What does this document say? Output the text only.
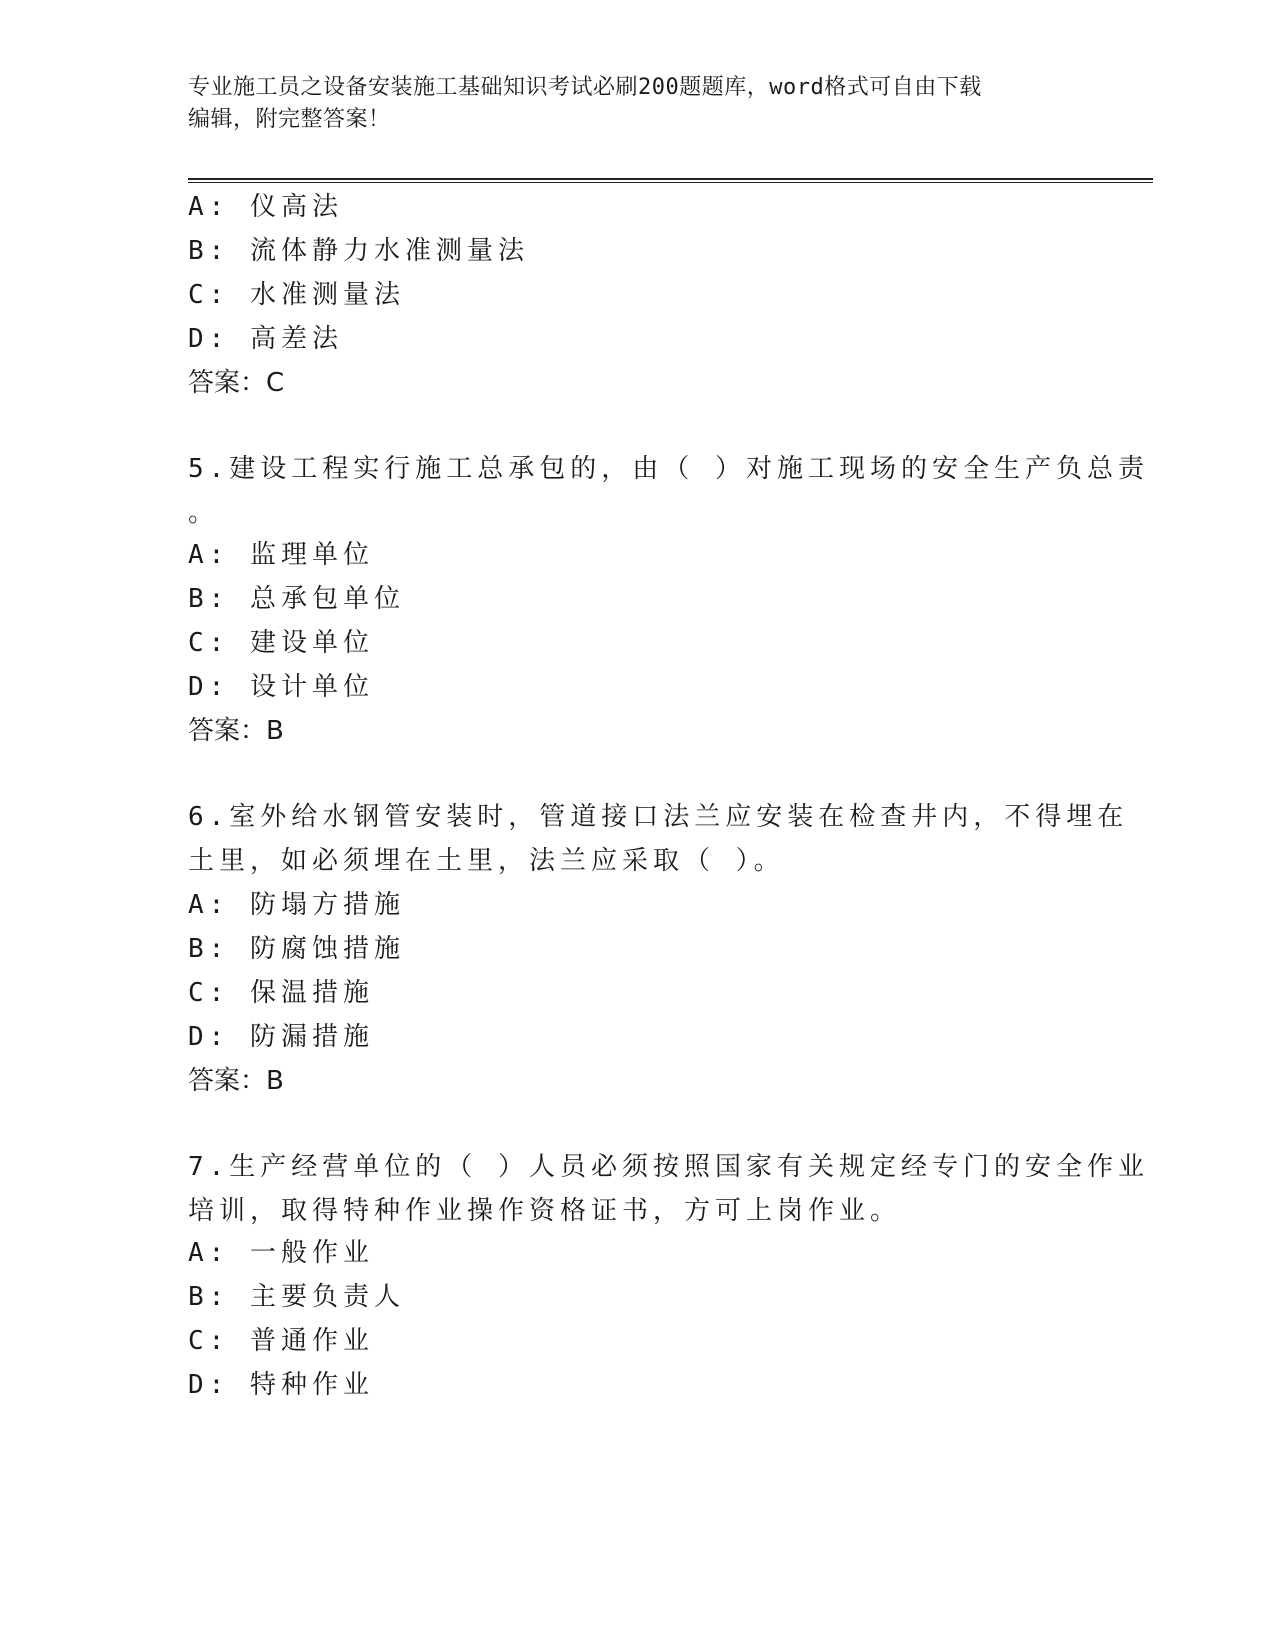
专业施工员之设备安装施工基础知识考试必刷200题题库，word格式可自由下载
编辑，附完整答案！
A: 仪高法
B: 流体静力水准测量法
C: 水准测量法
D: 高差法
答案：C
5.建设工程实行施工总承包的，由（ ）对施工现场的安全生产负总责
。
A: 监理单位
B: 总承包单位
C: 建设单位
D: 设计单位
答案：B
6.室外给水钢管安装时，管道接口法兰应安装在检查井内，不得埋在
土里，如必须埋在土里，法兰应采取（ ）。
A: 防塌方措施
B: 防腐蚀措施
C: 保温措施
D: 防漏措施
答案：B
7.生产经营单位的（ ）人员必须按照国家有关规定经专门的安全作业
培训，取得特种作业操作资格证书，方可上岗作业。
A: 一般作业
B: 主要负责人
C: 普通作业
D: 特种作业
